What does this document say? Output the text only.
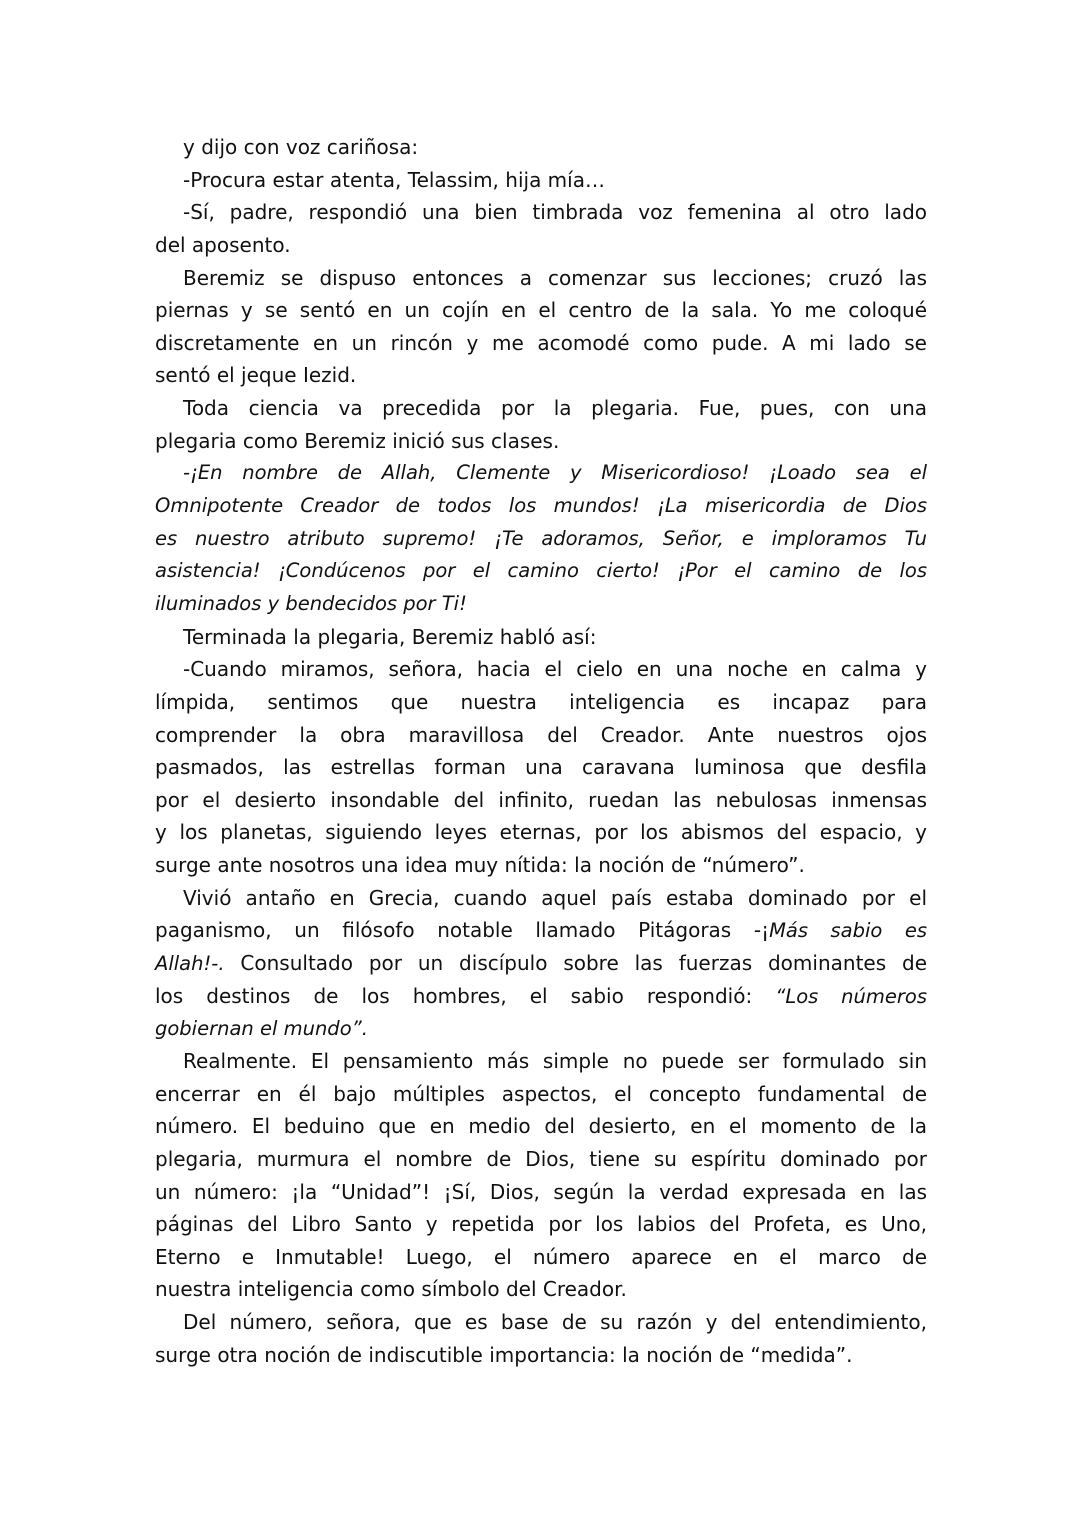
y dijo con voz cariñosa:
-Procura estar atenta, Telassim, hija mía…
-Sí, padre, respondió una bien timbrada voz femenina al otro lado
del aposento.
Beremiz se dispuso entonces a comenzar sus lecciones; cruzó las
piernas y se sentó en un cojín en el centro de la sala. Yo me coloqué
discretamente en un rincón y me acomodé como pude. A mi lado se
sentó el jeque Iezid.
Toda ciencia va precedida por la plegaria. Fue, pues, con una
plegaria como Beremiz inició sus clases.
-¡En nombre de Allah, Clemente y Misericordioso! ¡Loado sea el
Omnipotente Creador de todos los mundos! ¡La misericordia de Dios
es nuestro atributo supremo! ¡Te adoramos, Señor, e imploramos Tu
asistencia! ¡Condúcenos por el camino cierto! ¡Por el camino de los
iluminados y bendecidos por Ti!
Terminada la plegaria, Beremiz habló así:
-Cuando miramos, señora, hacia el cielo en una noche en calma y
límpida, sentimos que nuestra inteligencia es incapaz para
comprender la obra maravillosa del Creador. Ante nuestros ojos
pasmados, las estrellas forman una caravana luminosa que desfila
por el desierto insondable del infinito, ruedan las nebulosas inmensas
y los planetas, siguiendo leyes eternas, por los abismos del espacio, y
surge ante nosotros una idea muy nítida: la noción de “número”.
Vivió antaño en Grecia, cuando aquel país estaba dominado por el
paganismo, un filósofo notable llamado Pitágoras -¡Más sabio es
Allah!-. Consultado por un discípulo sobre las fuerzas dominantes de
los destinos de los hombres, el sabio respondió: “Los números
gobiernan el mundo”.
Realmente. El pensamiento más simple no puede ser formulado sin
encerrar en él bajo múltiples aspectos, el concepto fundamental de
número. El beduino que en medio del desierto, en el momento de la
plegaria, murmura el nombre de Dios, tiene su espíritu dominado por
un número: ¡la “Unidad”! ¡Sí, Dios, según la verdad expresada en las
páginas del Libro Santo y repetida por los labios del Profeta, es Uno,
Eterno e Inmutable! Luego, el número aparece en el marco de
nuestra inteligencia como símbolo del Creador.
Del número, señora, que es base de su razón y del entendimiento,
surge otra noción de indiscutible importancia: la noción de “medida”.
